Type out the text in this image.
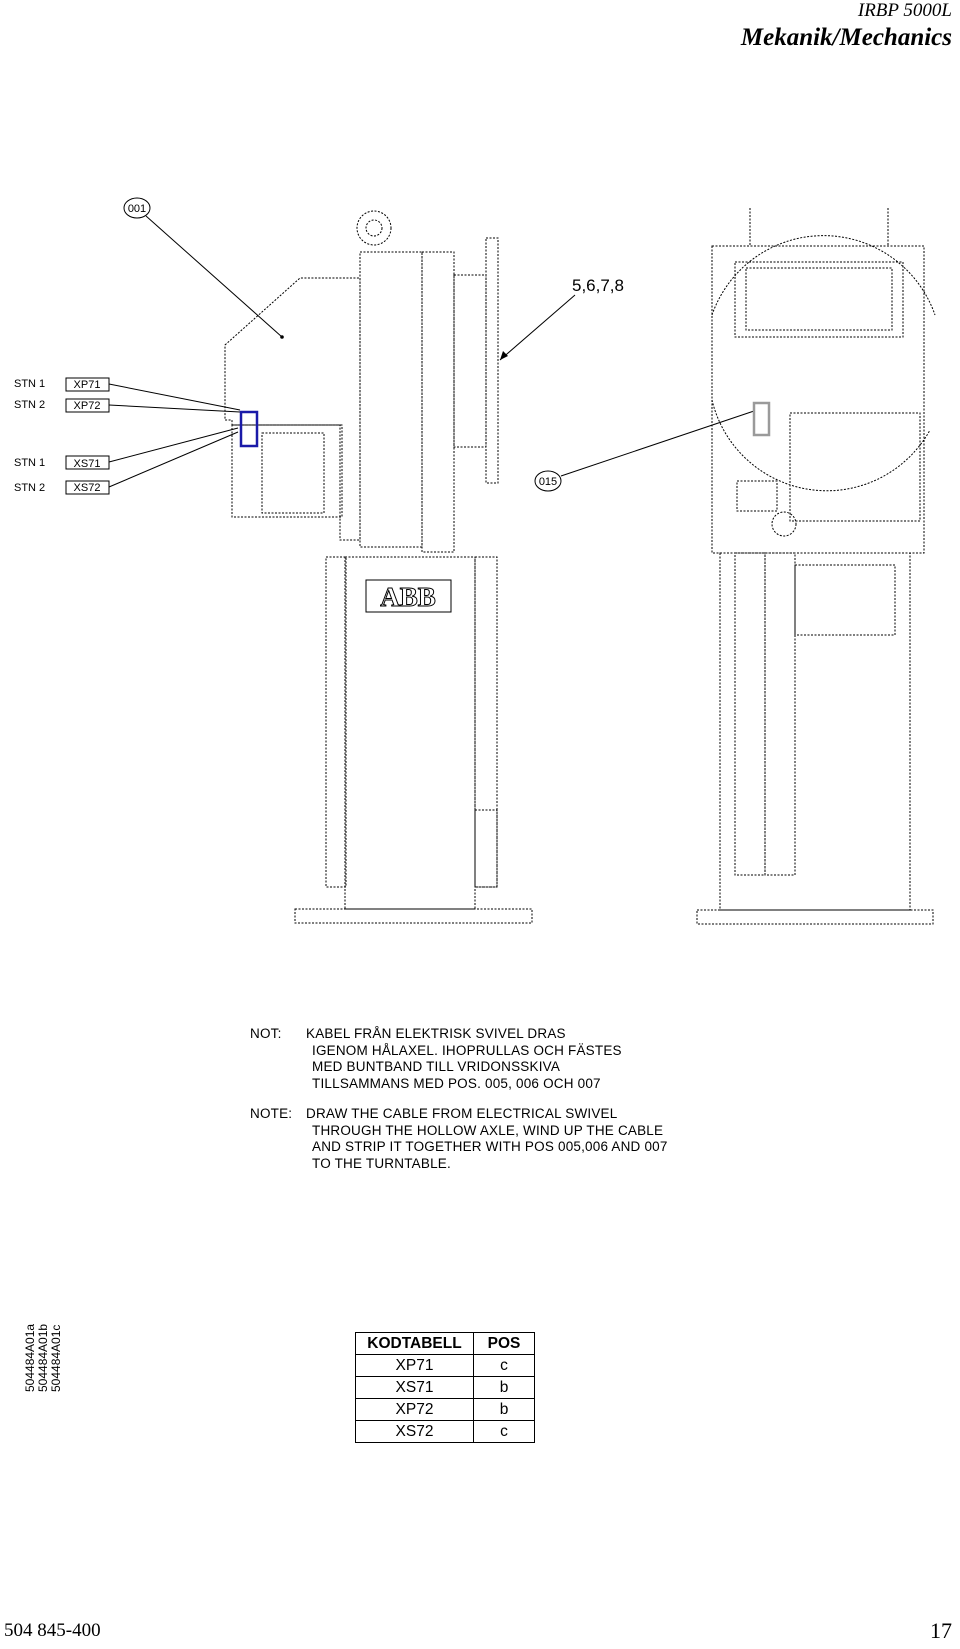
IRBP 5000L
Mekanik/Mechanics
ABB
001
5,6,7,8
015
STN 1	XP71
STN 2	XP72
STN 1	XS71
STN 2	XS72
NOT:	KABEL FRÅN ELEKTRISK SVIVEL DRAS
IGENOM HÅLAXEL. IHOPRULLAS OCH FÄSTES
MED BUNTBAND TILL VRIDONSSKIVA
TILLSAMMANS MED POS. 005, 006 OCH 007
NOTE:	DRAW THE CABLE FROM ELECTRICAL SWIVEL
THROUGH THE HOLLOW AXLE, WIND UP THE CABLE
AND STRIP IT TOGETHER WITH POS 005,006 AND 007
TO THE TURNTABLE.
504484A01a 504484A01b 504484A01c	KODTABELL	POS
XP71	c
XS71	b
XP72	b
XS72	c
504 845-400	17
